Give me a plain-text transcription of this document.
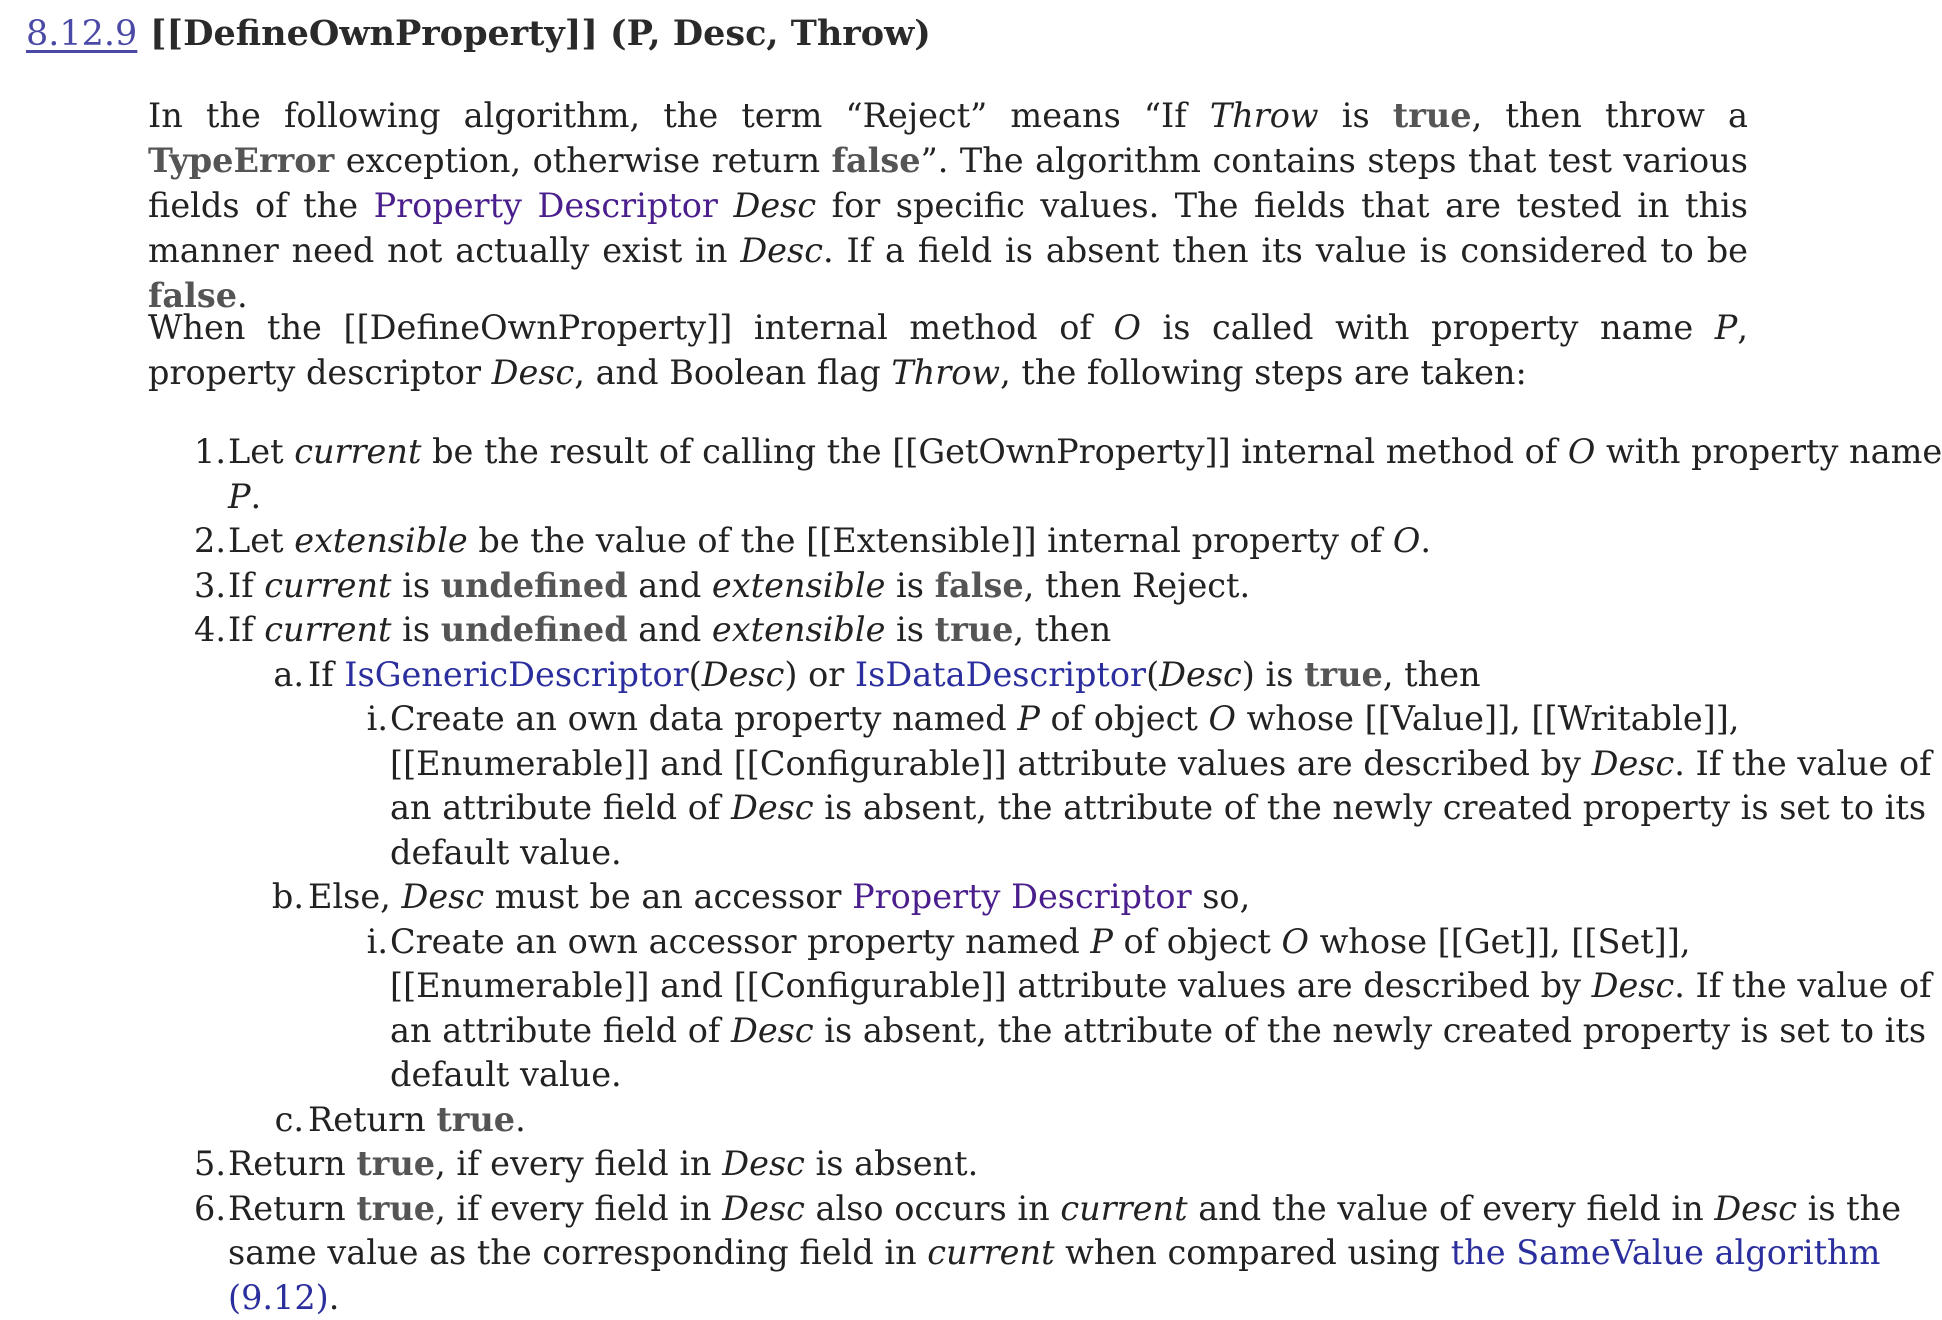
8.12.9 [[DefineOwnProperty]] (P, Desc, Throw)
In the following algorithm, the term “Reject” means “If Throw is true, then throw a TypeError exception, otherwise return false”. The algorithm contains steps that test various fields of the Property Descriptor Desc for specific values. The fields that are tested in this manner need not actually exist in Desc. If a field is absent then its value is considered to be false.
When the [[DefineOwnProperty]] internal method of O is called with property name P, property descriptor Desc, and Boolean flag Throw, the following steps are taken:
1. Let current be the result of calling the [[GetOwnProperty]] internal method of O with property name
P.
2. Let extensible be the value of the [[Extensible]] internal property of O.
3. If current is undefined and extensible is false, then Reject.
4. If current is undefined and extensible is true, then
a. If IsGenericDescriptor(Desc) or IsDataDescriptor(Desc) is true, then
i. Create an own data property named P of object O whose [[Value]], [[Writable]],
[[Enumerable]] and [[Configurable]] attribute values are described by Desc. If the value of
an attribute field of Desc is absent, the attribute of the newly created property is set to its
default value.
b. Else, Desc must be an accessor Property Descriptor so,
i. Create an own accessor property named P of object O whose [[Get]], [[Set]],
[[Enumerable]] and [[Configurable]] attribute values are described by Desc. If the value of
an attribute field of Desc is absent, the attribute of the newly created property is set to its
default value.
c. Return true.
5. Return true, if every field in Desc is absent.
6. Return true, if every field in Desc also occurs in current and the value of every field in Desc is the
same value as the corresponding field in current when compared using the SameValue algorithm
(9.12).
